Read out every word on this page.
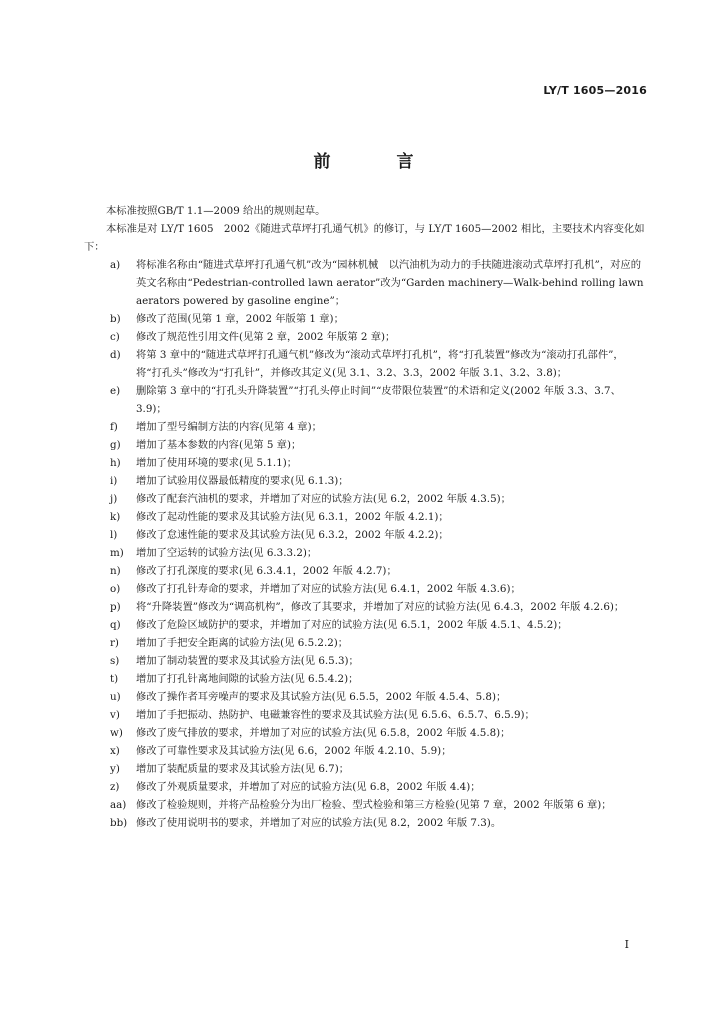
LY/T 1605—2016
前 言

本标准按照GB/T 1.1—2009 给出的规则起草。

本标准是对 LY/T 1605　2002《随进式草坪打孔通气机》的修订，与 LY/T 1605—2002 相比，主要技术内容变化如下：

a) 将标准名称由“随进式草坪打孔通气机”改为“园林机械　以汽油机为动力的手扶随进滚动式草坪打孔机”，对应的英文名称由“Pedestrian-controlled lawn aerator”改为“Garden machinery—Walk-behind rolling lawn aerators powered by gasoline engine”；
b) 修改了范围(见第 1 章，2002 年版第 1 章)；
c) 修改了规范性引用文件(见第 2 章，2002 年版第 2 章)；
d) 将第 3 章中的“随进式草坪打孔通气机”修改为“滚动式草坪打孔机”，将“打孔装置”修改为“滚动打孔部件”，将“打孔头”修改为“打孔针”，并修改其定义(见 3.1、3.2、3.3，2002 年版 3.1、3.2、3.8)；
e) 删除第 3 章中的“打孔头升降装置”“打孔头停止时间”“皮带限位装置”的术语和定义(2002 年版 3.3、3.7、3.9)；
f) 增加了型号编制方法的内容(见第 4 章)；
g) 增加了基本参数的内容(见第 5 章)；
h) 增加了使用环境的要求(见 5.1.1)；
i) 增加了试验用仪器最低精度的要求(见 6.1.3)；
j) 修改了配套汽油机的要求，并增加了对应的试验方法(见 6.2，2002 年版 4.3.5)；
k) 修改了起动性能的要求及其试验方法(见 6.3.1，2002 年版 4.2.1)；
l) 修改了怠速性能的要求及其试验方法(见 6.3.2，2002 年版 4.2.2)；
m) 增加了空运转的试验方法(见 6.3.3.2)；
n) 修改了打孔深度的要求(见 6.3.4.1，2002 年版 4.2.7)；
o) 修改了打孔针寿命的要求，并增加了对应的试验方法(见 6.4.1，2002 年版 4.3.6)；
p) 将“升降装置”修改为“调高机构”，修改了其要求，并增加了对应的试验方法(见 6.4.3，2002 年版 4.2.6)；
q) 修改了危险区域防护的要求，并增加了对应的试验方法(见 6.5.1，2002 年版 4.5.1、4.5.2)；
r) 增加了手把安全距离的试验方法(见 6.5.2.2)；
s) 增加了制动装置的要求及其试验方法(见 6.5.3)；
t) 增加了打孔针离地间隙的试验方法(见 6.5.4.2)；
u) 修改了操作者耳旁噪声的要求及其试验方法(见 6.5.5，2002 年版 4.5.4、5.8)；
v) 增加了手把振动、热防护、电磁兼容性的要求及其试验方法(见 6.5.6、6.5.7、6.5.9)；
w) 修改了废气排放的要求，并增加了对应的试验方法(见 6.5.8，2002 年版 4.5.8)；
x) 修改了可靠性要求及其试验方法(见 6.6，2002 年版 4.2.10、5.9)；
y) 增加了装配质量的要求及其试验方法(见 6.7)；
z) 修改了外观质量要求，并增加了对应的试验方法(见 6.8，2002 年版 4.4)；
aa) 修改了检验规则，并将产品检验分为出厂检验、型式检验和第三方检验(见第 7 章，2002 年版第 6 章)；
bb) 修改了使用说明书的要求，并增加了对应的试验方法(见 8.2，2002 年版 7.3)。
I
